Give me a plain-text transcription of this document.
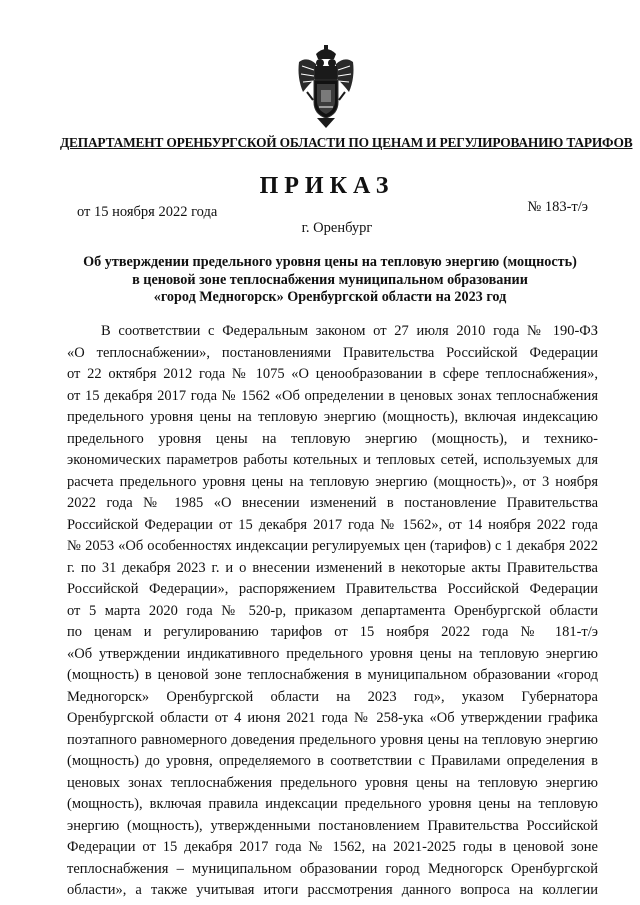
ДЕПАРТАМЕНТ ОРЕНБУРГСКОЙ ОБЛАСТИ ПО ЦЕНАМ И РЕГУЛИРОВАНИЮ ТАРИФОВ
ПРИКАЗ
от 15 ноября 2022 года	№ 183-т/э
г. Оренбург
Об утверждении предельного уровня цены на тепловую энергию (мощность)
в ценовой зоне теплоснабжения муниципальном образовании
«город Медногорск» Оренбургской области на 2023 год
В соответствии с Федеральным законом от 27 июля 2010 года № 190-ФЗ
«О теплоснабжении», постановлениями Правительства Российской Федерации
от 22 октября 2012 года № 1075 «О ценообразовании в сфере теплоснабжения»,
от 15 декабря 2017 года № 1562 «Об определении в ценовых зонах теплоснабжения
предельного уровня цены на тепловую энергию (мощность), включая индексацию
предельного уровня цены на тепловую энергию (мощность), и технико-
экономических параметров работы котельных и тепловых сетей, используемых для
расчета предельного уровня цены на тепловую энергию (мощность)», от 3 ноября
2022 года № 1985 «О внесении изменений в постановление Правительства
Российской Федерации от 15 декабря 2017 года № 1562», от 14 ноября 2022 года
№ 2053 «Об особенностях индексации регулируемых цен (тарифов) с 1 декабря 2022
г. по 31 декабря 2023 г. и о внесении изменений в некоторые акты Правительства
Российской Федерации», распоряжением Правительства Российской Федерации
от 5 марта 2020 года № 520-р, приказом департамента Оренбургской области
по ценам и регулированию тарифов от 15 ноября 2022 года № 181-т/э
«Об утверждении индикативного предельного уровня цены на тепловую энергию
(мощность) в ценовой зоне теплоснабжения в муниципальном образовании «город
Медногорск» Оренбургской области на 2023 год», указом Губернатора
Оренбургской области от 4 июня 2021 года № 258-ука «Об утверждении графика
поэтапного равномерного доведения предельного уровня цены на тепловую энергию
(мощность) до уровня, определяемого в соответствии с Правилами определения в
ценовых зонах теплоснабжения предельного уровня цены на тепловую энергию
(мощность), включая правила индексации предельного уровня цены на тепловую
энергию (мощность), утвержденными постановлением Правительства Российской
Федерации от 15 декабря 2017 года № 1562, на 2021-2025 годы в ценовой зоне
теплоснабжения – муниципальном образовании город Медногорск Оренбургской
области», а также учитывая итоги рассмотрения данного вопроса на коллегии
